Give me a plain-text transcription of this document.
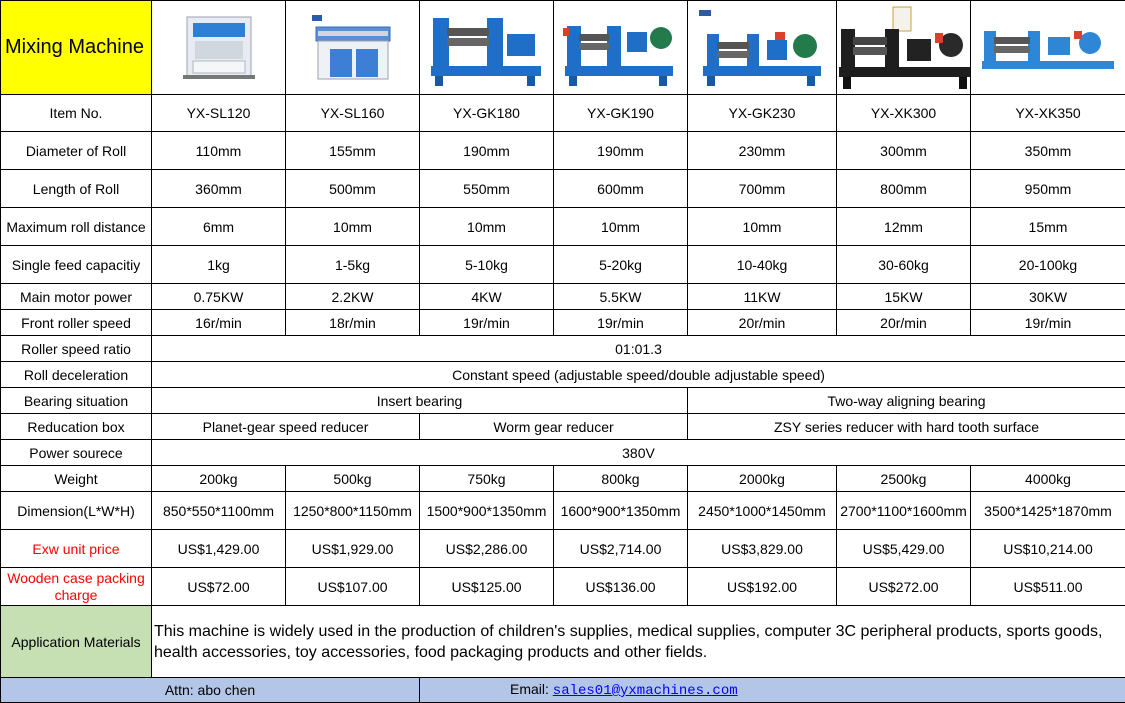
Mixing Machine	

Item No.	YX-SL120	YX-SL160	YX-GK180	YX-GK190	YX-GK230	YX-XK300	YX-XK350
Diameter of Roll	110mm	155mm	190mm	190mm	230mm	300mm	350mm
Length of Roll	360mm	500mm	550mm	600mm	700mm	800mm	950mm
Maximum roll distance	6mm	10mm	10mm	10mm	10mm	12mm	15mm
Single feed capacitiy	1kg	1-5kg	5-10kg	5-20kg	10-40kg	30-60kg	20-100kg
Main motor power	0.75KW	2.2KW	4KW	5.5KW	11KW	15KW	30KW
Front roller speed	16r/min	18r/min	19r/min	19r/min	20r/min	20r/min	19r/min
Roller speed ratio	01:01.3						
Roll deceleration	Constant speed (adjustable speed/double adjustable speed)						
Bearing situation	Insert bearing				Two-way aligning bearing		
Reducation box	Planet-gear speed reducer		Worm gear reducer		ZSY series reducer with hard tooth surface		
Power sourece	380V						
Weight	200kg	500kg	750kg	800kg	2000kg	2500kg	4000kg
Dimension(L*W*H)	850*550*1100mm	1250*800*1150mm	1500*900*1350mm	1600*900*1350mm	2450*1000*1450mm	2700*1100*1600mm	3500*1425*1870mm
Exw unit price	US$1,429.00	US$1,929.00	US$2,286.00	US$2,714.00	US$3,829.00	US$5,429.00	US$10,214.00
Wooden case packing charge	US$72.00	US$107.00	US$125.00	US$136.00	US$192.00	US$272.00	US$511.00
Application Materials	This machine is widely used in the production of children's supplies, medical supplies, computer 3C peripheral products, sports goods, health accessories, toy accessories, food packaging products and other fields.						
Attn: abo chen			Email: sales01@yxmachines.com				
